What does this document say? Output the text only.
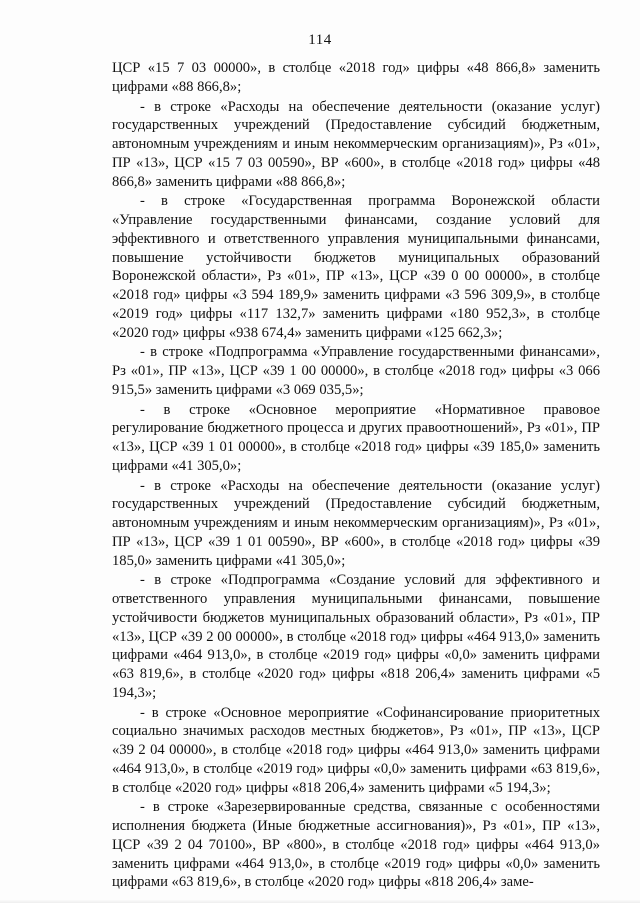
114

ЦСР «15 7 03 00000», в столбце «2018 год» цифры «48 866,8» заменить цифрами «88 866,8»;

- в строке «Расходы на обеспечение деятельности (оказание услуг) государственных учреждений (Предоставление субсидий бюджетным, автономным учреждениям и иным некоммерческим организациям)», Рз «01», ПР «13», ЦСР «15 7 03 00590», ВР «600», в столбце «2018 год» цифры «48 866,8» заменить цифрами «88 866,8»;

- в строке «Государственная программа Воронежской области «Управление государственными финансами, создание условий для эффективного и ответственного управления муниципальными финансами, повышение устойчивости бюджетов муниципальных образований Воронежской области», Рз «01», ПР «13», ЦСР «39 0 00 00000», в столбце «2018 год» цифры «3 594 189,9» заменить цифрами «3 596 309,9», в столбце «2019 год» цифры «117 132,7» заменить цифрами «180 952,3», в столбце «2020 год» цифры «938 674,4» заменить цифрами «125 662,3»;

- в строке «Подпрограмма «Управление государственными финансами», Рз «01», ПР «13», ЦСР «39 1 00 00000», в столбце «2018 год» цифры «3 066 915,5» заменить цифрами «3 069 035,5»;

- в строке «Основное мероприятие «Нормативное правовое регулирование бюджетного процесса и других правоотношений», Рз «01», ПР «13», ЦСР «39 1 01 00000», в столбце «2018 год» цифры «39 185,0» заменить цифрами «41 305,0»;

- в строке «Расходы на обеспечение деятельности (оказание услуг) государственных учреждений (Предоставление субсидий бюджетным, автономным учреждениям и иным некоммерческим организациям)», Рз «01», ПР «13», ЦСР «39 1 01 00590», ВР «600», в столбце «2018 год» цифры «39 185,0» заменить цифрами «41 305,0»;

- в строке «Подпрограмма «Создание условий для эффективного и ответственного управления муниципальными финансами, повышение устойчивости бюджетов муниципальных образований области», Рз «01», ПР «13», ЦСР «39 2 00 00000», в столбце «2018 год» цифры «464 913,0» заменить цифрами «464 913,0», в столбце «2019 год» цифры «0,0» заменить цифрами «63 819,6», в столбце «2020 год» цифры «818 206,4» заменить цифрами «5 194,3»;

- в строке «Основное мероприятие «Софинансирование приоритетных социально значимых расходов местных бюджетов», Рз «01», ПР «13», ЦСР «39 2 04 00000», в столбце «2018 год» цифры «464 913,0» заменить цифрами «464 913,0», в столбце «2019 год» цифры «0,0» заменить цифрами «63 819,6», в столбце «2020 год» цифры «818 206,4» заменить цифрами «5 194,3»;

- в строке «Зарезервированные средства, связанные с особенностями исполнения бюджета (Иные бюджетные ассигнования)», Рз «01», ПР «13», ЦСР «39 2 04 70100», ВР «800», в столбце «2018 год» цифры «464 913,0» заменить цифрами «464 913,0», в столбце «2019 год» цифры «0,0» заменить цифрами «63 819,6», в столбце «2020 год» цифры «818 206,4» заме-
